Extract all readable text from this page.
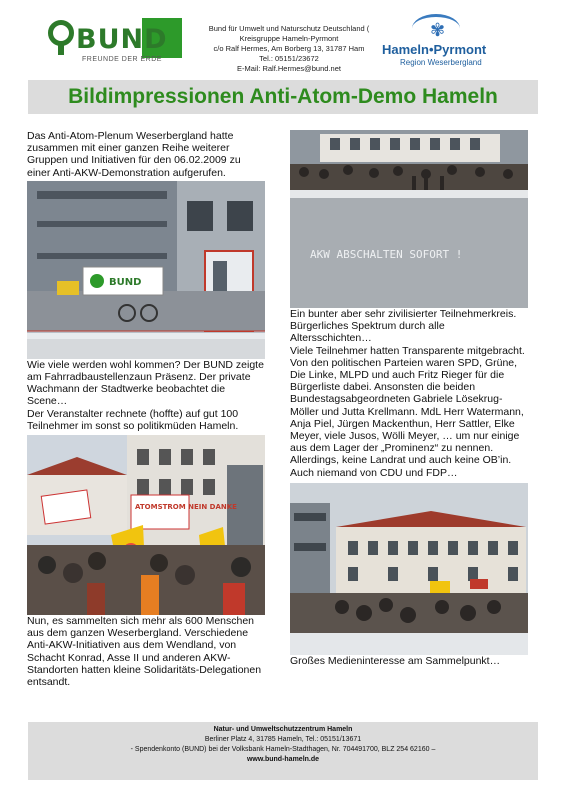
BUND
FREUNDE DER ERDE
Bund für Umwelt und Naturschutz Deutschland (
Kreisgruppe Hameln-Pyrmont
c/o Ralf Hermes, Am Borberg 13, 31787 Ham
Tel.: 05151/23672
E-Mail: Ralf.Hermes@bund.net
✾
Hameln•Pyrmont
Region Weserbergland
Bildimpressionen Anti-Atom-Demo Hameln

Das Anti-Atom-Plenum Weserbergland hatte zusammen mit einer ganzen Reihe weiterer Gruppen und Initiativen für den 06.02.2009 zu einer Anti-AKW-Demonstration aufgerufen.

BUND

Wie viele werden wohl kommen? Der BUND zeigte am Fahrradbaustellenzaun Präsenz. Der private Wachmann der Stadtwerke beobachtet die Scene…

Der Veranstalter rechnete (hoffte) auf gut 100 Teilnehmer im sonst so politikmüden Hameln.

ATOMSTROM NEIN DANKE

Nun, es sammelten sich mehr als 600 Menschen aus dem ganzen Weserbergland. Verschiedene Anti-AKW-Initiativen aus dem Wendland, von Schacht Konrad, Asse II und anderen AKW-Standorten hatten kleine Solidaritäts-Delegationen entsandt.

AKW ABSCHALTEN SOFORT !

Ein bunter aber sehr zivilisierter Teilnehmerkreis. Bürgerliches Spektrum durch alle Altersschichten…

Viele Teilnehmer hatten Transparente mitgebracht. Von den politischen Parteien waren SPD, Grüne, Die Linke, MLPD und auch Fritz Rieger für die Bürgerliste dabei. Ansonsten die beiden Bundestagsabgeordneten Gabriele Lösekrug-Möller und Jutta Krellmann. MdL Herr Watermann, Anja Piel, Jürgen Mackenthun, Herr Sattler, Elke Meyer, viele Jusos, Wölli Meyer, … um nur einige aus dem Lager der „Prominenz“ zu nennen. Allerdings, keine Landrat und auch keine OB’in. Auch niemand von CDU und FDP…

Großes Medieninteresse am Sammelpunkt…

Natur- und Umweltschutzzentrum Hameln
Berliner Platz 4, 31785 Hameln, Tel.: 05151/13671
- Spendenkonto (BUND) bei der Volksbank Hameln-Stadthagen, Nr. 704491700, BLZ 254 62160 –
www.bund-hameln.de
